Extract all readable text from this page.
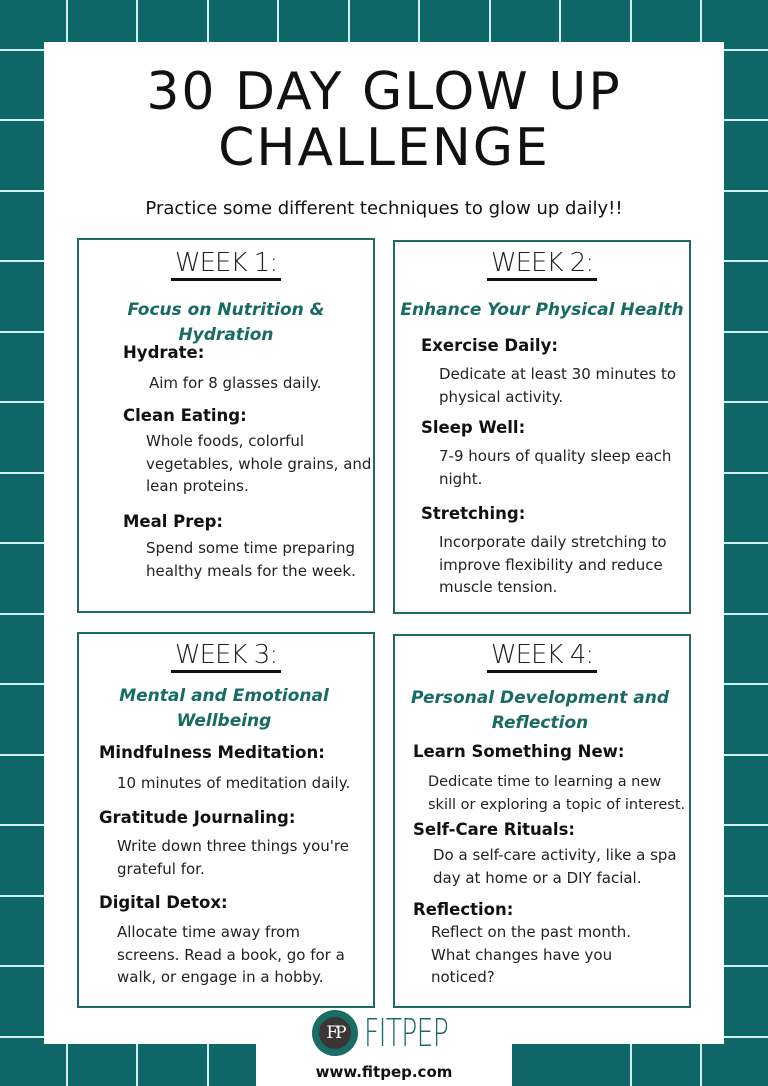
30 DAY GLOW UP
CHALLENGE
Practice some different techniques to glow up daily!!
WEEK 1:
Focus on Nutrition & Hydration
Hydrate:
Aim for 8 glasses daily.
Clean Eating:
Whole foods, colorful vegetables, whole grains, and lean proteins.
Meal Prep:
Spend some time preparing healthy meals for the week.
WEEK 2:
Enhance Your Physical Health
Exercise Daily:
Dedicate at least 30 minutes to physical activity.
Sleep Well:
7-9 hours of quality sleep each night.
Stretching:
Incorporate daily stretching to improve flexibility and reduce muscle tension.
WEEK 3:
Mental and Emotional Wellbeing
Mindfulness Meditation:
10 minutes of meditation daily.
Gratitude Journaling:
Write down three things you're grateful for.
Digital Detox:
Allocate time away from screens. Read a book, go for a walk, or engage in a hobby.
WEEK 4:
Personal Development and Reflection
Learn Something New:
Dedicate time to learning a new skill or exploring a topic of interest.
Self-Care Rituals:
Do a self-care activity, like a spa day at home or a DIY facial.
Reflection:
Reflect on the past month. What changes have you noticed?
FP FITPEP
www.fitpep.com
